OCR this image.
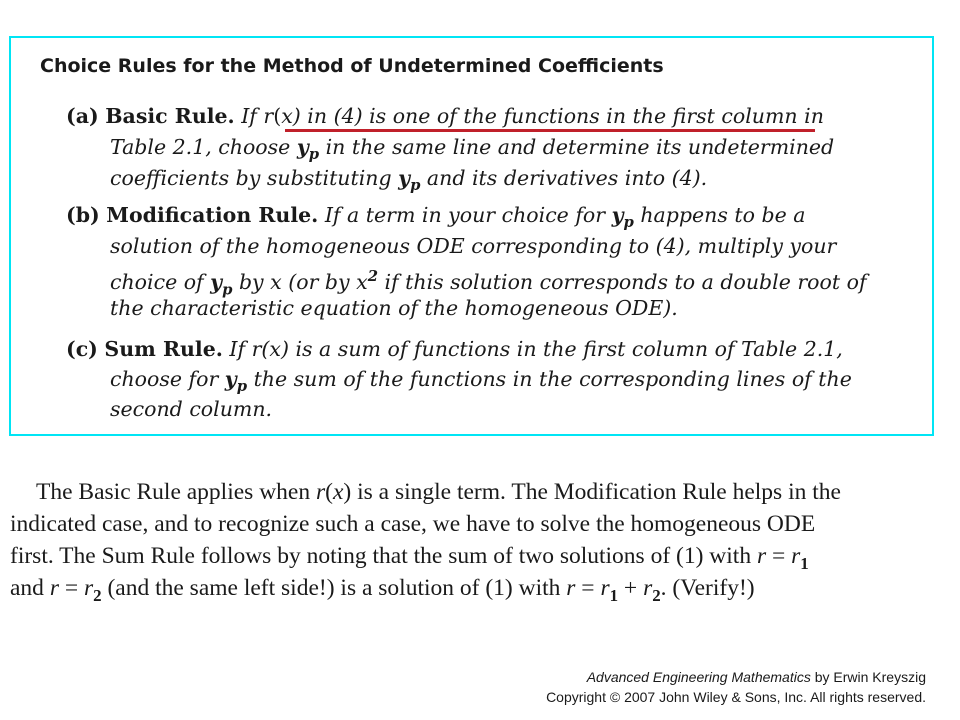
Choice Rules for the Method of Undetermined Coefficients
(a) Basic Rule. If r(x) in (4) is one of the functions in the first column in
Table 2.1, choose $y_p$ in the same line and determine its undetermined
coefficients by substituting $y_p$ and its derivatives into (4).
(b) Modification Rule. If a term in your choice for $y_p$ happens to be a
solution of the homogeneous ODE corresponding to (4), multiply your
choice of $y_p$ by x (or by $x^2$ if this solution corresponds to a double root of
the characteristic equation of the homogeneous ODE).
(c) Sum Rule. If r(x) is a sum of functions in the first column of Table 2.1,
choose for $y_p$ the sum of the functions in the corresponding lines of the
second column.
The Basic Rule applies when r(x) is a single term. The Modification Rule helps in the
indicated case, and to recognize such a case, we have to solve the homogeneous ODE
first. The Sum Rule follows by noting that the sum of two solutions of (1) with $r = r_1$
and $r = r_2$ (and the same left side!) is a solution of (1) with $r = r_1 + r_2$. (Verify!)
Advanced Engineering Mathematics by Erwin Kreyszig
Copyright © 2007 John Wiley & Sons, Inc. All rights reserved.
